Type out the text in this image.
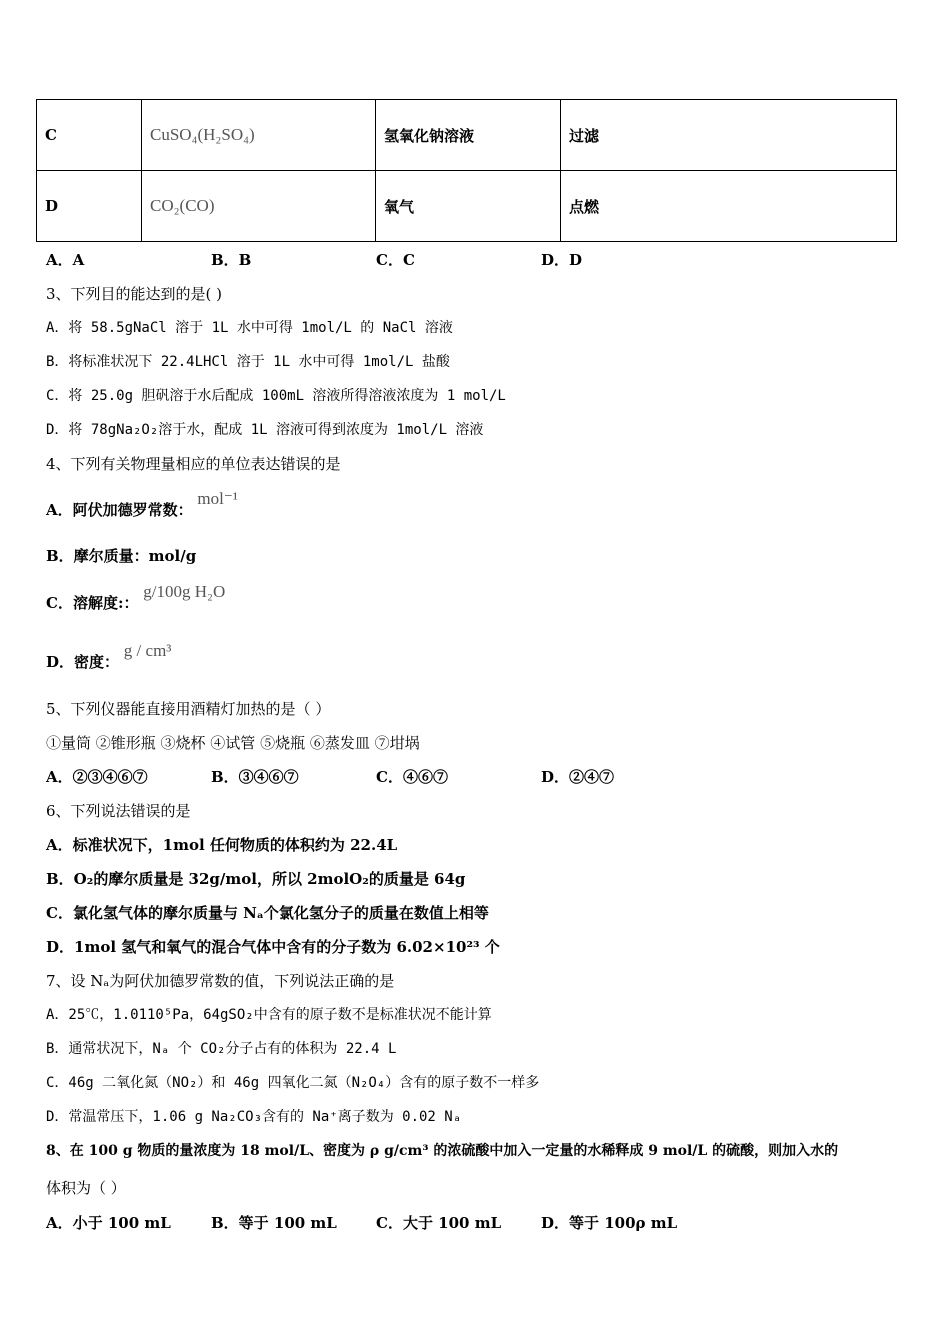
C	CuSO₄(H₂SO₄)	氢氧化钠溶液	过滤
D	CO₂(CO)	氧气	点燃
A．A	B．B	C．C	D．D
3、下列目的能达到的是( )
A．将 58.5gNaCl 溶于 1L 水中可得 1mol/L 的 NaCl 溶液
B．将标准状况下 22.4LHCl 溶于 1L 水中可得 1mol/L 盐酸
C．将 25.0g 胆矾溶于水后配成 100mL 溶液所得溶液浓度为 1 mol/L
D．将 78gNa₂O₂溶于水，配成 1L 溶液可得到浓度为 1mol/L 溶液
4、下列有关物理量相应的单位表达错误的是
A．阿伏加德罗常数： mol⁻¹
B．摩尔质量：mol/g
C．溶解度:： g/100g H₂O
D．密度： g / cm³
5、下列仪器能直接用酒精灯加热的是（ ）
①量筒 ②锥形瓶 ③烧杯 ④试管 ⑤烧瓶 ⑥蒸发皿 ⑦坩埚
A．②③④⑥⑦	B．③④⑥⑦	C．④⑥⑦	D．②④⑦
6、下列说法错误的是
A．标准状况下，1mol 任何物质的体积约为 22.4L
B．O₂的摩尔质量是 32g/mol，所以 2molO₂的质量是 64g
C．氯化氢气体的摩尔质量与 Nₐ个氯化氢分子的质量在数值上相等
D．1mol 氢气和氧气的混合气体中含有的分子数为 6.02×10²³ 个
7、设 Nₐ为阿伏加德罗常数的值，下列说法正确的是
A．25℃，1.0110⁵Pa，64gSO₂中含有的原子数不是标准状况不能计算
B．通常状况下，Nₐ 个 CO₂分子占有的体积为 22.4 L
C．46g 二氧化氮（NO₂）和 46g 四氧化二氮（N₂O₄）含有的原子数不一样多
D．常温常压下，1.06 g Na₂CO₃含有的 Na⁺离子数为 0.02 Nₐ
8、在 100 g 物质的量浓度为 18 mol/L、密度为 ρ g/cm³ 的浓硫酸中加入一定量的水稀释成 9 mol/L 的硫酸，则加入水的
体积为（ ）
A．小于 100 mL	B．等于 100 mL	C．大于 100 mL	D．等于 100ρ mL
